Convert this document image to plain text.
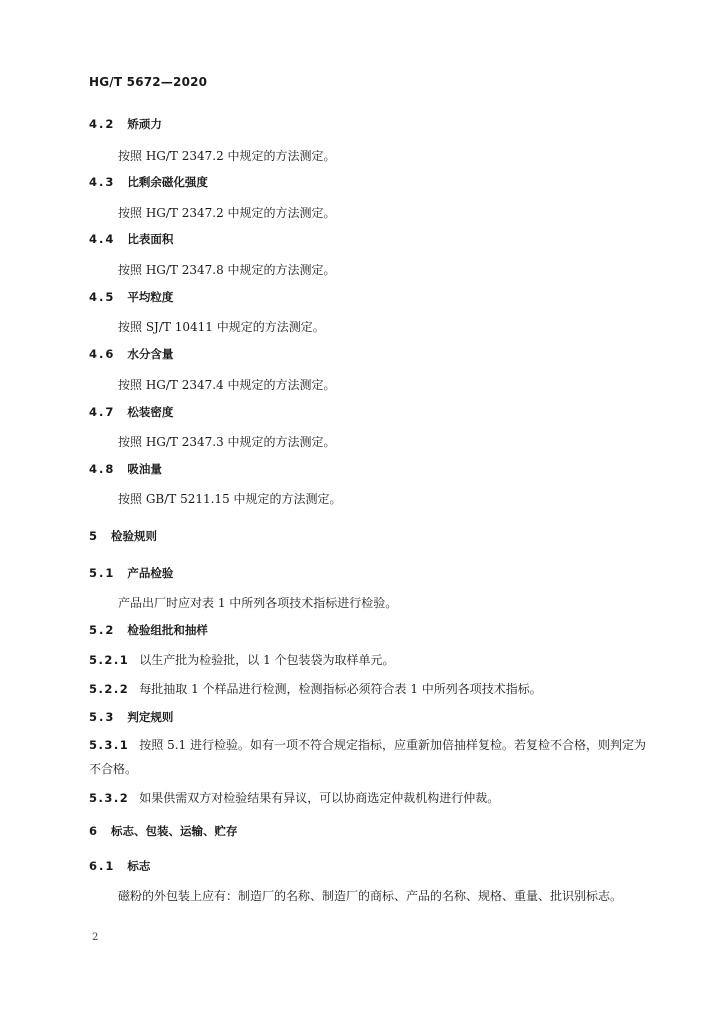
HG/T 5672—2020
4.2 矫顽力
按照 HG/T 2347.2 中规定的方法测定。
4.3 比剩余磁化强度
按照 HG/T 2347.2 中规定的方法测定。
4.4 比表面积
按照 HG/T 2347.8 中规定的方法测定。
4.5 平均粒度
按照 SJ/T 10411 中规定的方法测定。
4.6 水分含量
按照 HG/T 2347.4 中规定的方法测定。
4.7 松装密度
按照 HG/T 2347.3 中规定的方法测定。
4.8 吸油量
按照 GB/T 5211.15 中规定的方法测定。
5 检验规则
5.1 产品检验
产品出厂时应对表 1 中所列各项技术指标进行检验。
5.2 检验组批和抽样
5.2.1 以生产批为检验批，以 1 个包装袋为取样单元。
5.2.2 每批抽取 1 个样品进行检测，检测指标必须符合表 1 中所列各项技术指标。
5.3 判定规则
5.3.1 按照 5.1 进行检验。如有一项不符合规定指标，应重新加倍抽样复检。若复检不合格，则判定为不合格。
5.3.2 如果供需双方对检验结果有异议，可以协商选定仲裁机构进行仲裁。
6 标志、包装、运输、贮存
6.1 标志
磁粉的外包装上应有：制造厂的名称、制造厂的商标、产品的名称、规格、重量、批识别标志。
2
